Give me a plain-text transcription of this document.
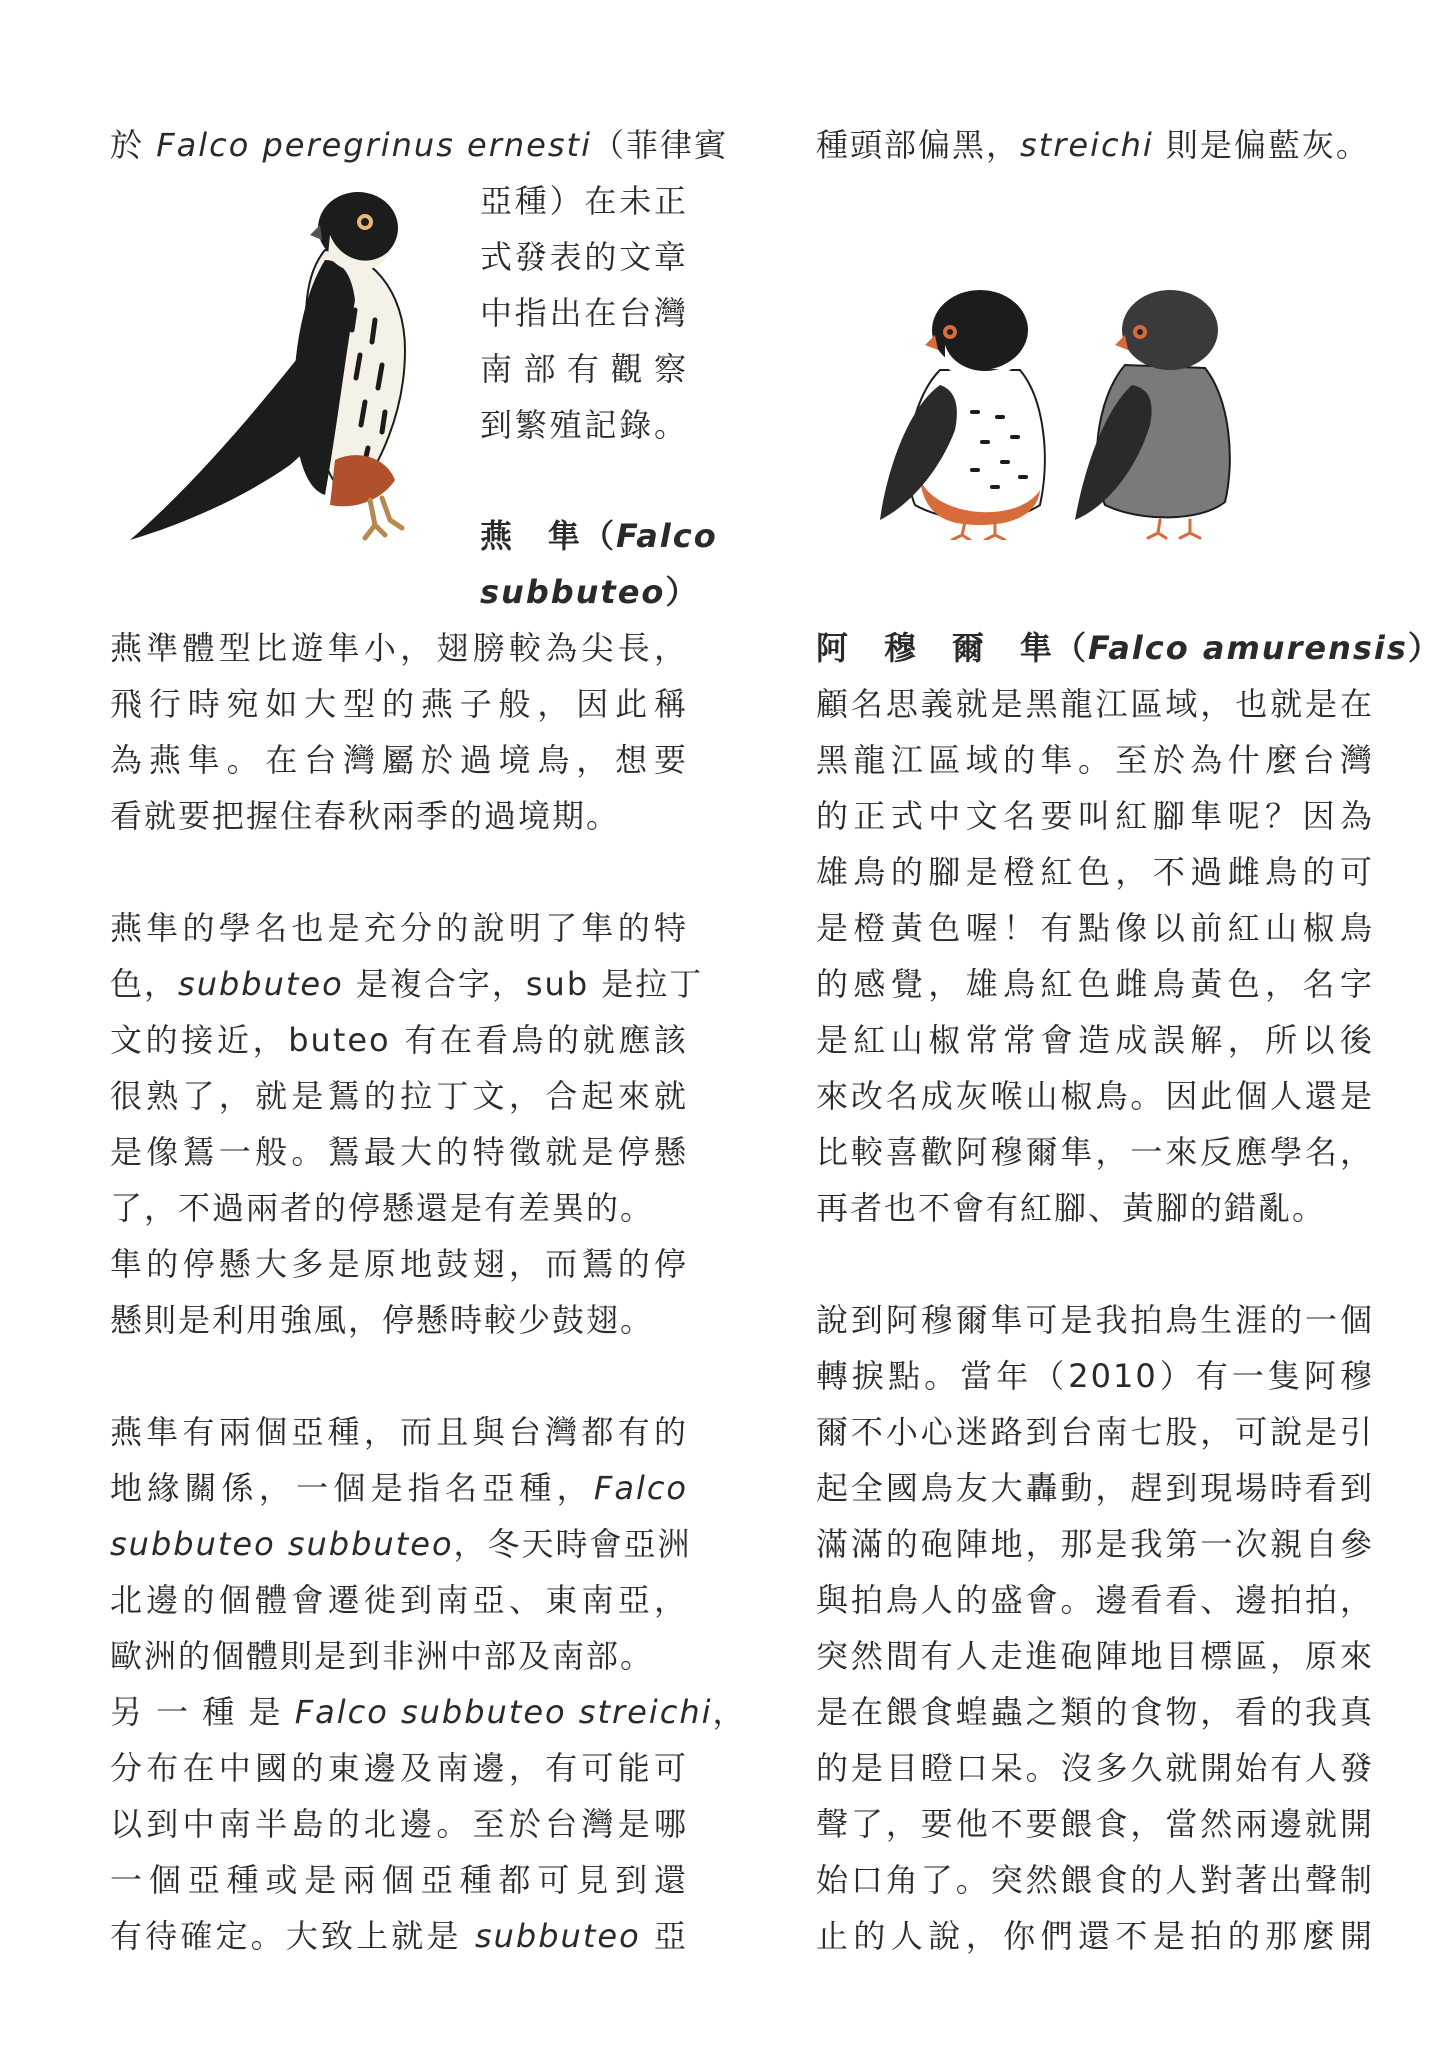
於 Falco peregrinus ernesti（菲律賓
亞種）在未正
式發表的文章
中指出在台灣
南部有觀察
到繁殖記錄。
燕　隼（Falco
subbuteo）
燕準體型比遊隼小，翅膀較為尖長，
飛行時宛如大型的燕子般，因此稱
為燕隼。在台灣屬於過境鳥，想要
看就要把握住春秋兩季的過境期。
燕隼的學名也是充分的說明了隼的特
色，subbuteo 是複合字，sub 是拉丁
文的接近，buteo 有在看鳥的就應該
很熟了，就是鵟的拉丁文，合起來就
是像鵟一般。鵟最大的特徵就是停懸
了，不過兩者的停懸還是有差異的。
隼的停懸大多是原地鼓翅，而鵟的停
懸則是利用強風，停懸時較少鼓翅。
燕隼有兩個亞種，而且與台灣都有的
地緣關係，一個是指名亞種，Falco
subbuteo subbuteo，冬天時會亞洲
北邊的個體會遷徙到南亞、東南亞，
歐洲的個體則是到非洲中部及南部。
另 一 種 是 Falco subbuteo streichi，
分布在中國的東邊及南邊，有可能可
以到中南半島的北邊。至於台灣是哪
一個亞種或是兩個亞種都可見到還
有待確定。大致上就是 subbuteo 亞
種頭部偏黑，streichi 則是偏藍灰。
阿　穆　爾　隼（Falco amurensis）
顧名思義就是黑龍江區域，也就是在
黑龍江區域的隼。至於為什麼台灣
的正式中文名要叫紅腳隼呢？因為
雄鳥的腳是橙紅色，不過雌鳥的可
是橙黃色喔！有點像以前紅山椒鳥
的感覺，雄鳥紅色雌鳥黃色，名字
是紅山椒常常會造成誤解，所以後
來改名成灰喉山椒鳥。因此個人還是
比較喜歡阿穆爾隼，一來反應學名，
再者也不會有紅腳、黃腳的錯亂。
說到阿穆爾隼可是我拍鳥生涯的一個
轉捩點。當年（2010）有一隻阿穆
爾不小心迷路到台南七股，可說是引
起全國鳥友大轟動，趕到現場時看到
滿滿的砲陣地，那是我第一次親自參
與拍鳥人的盛會。邊看看、邊拍拍，
突然間有人走進砲陣地目標區，原來
是在餵食蝗蟲之類的食物，看的我真
的是目瞪口呆。沒多久就開始有人發
聲了，要他不要餵食，當然兩邊就開
始口角了。突然餵食的人對著出聲制
止的人說，你們還不是拍的那麼開
